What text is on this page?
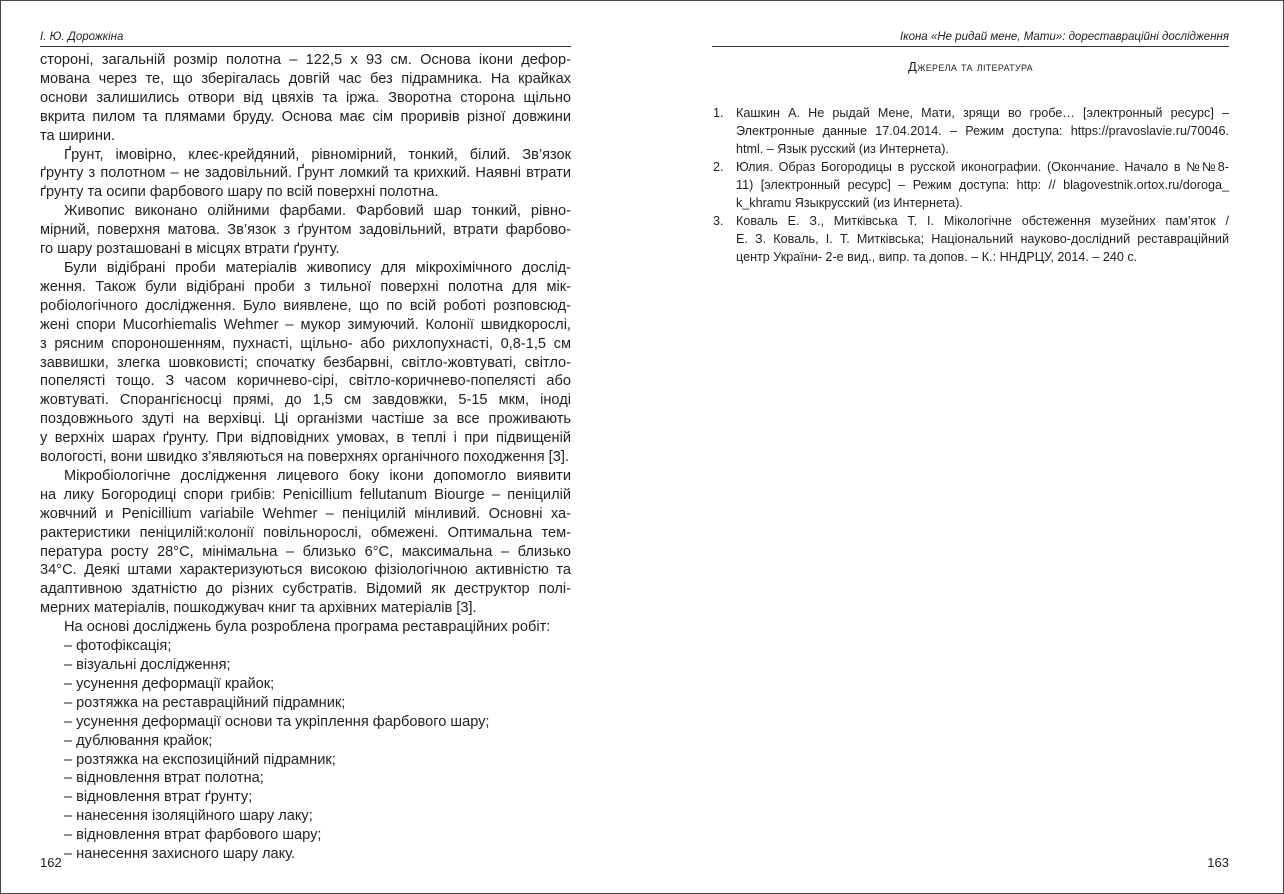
І. Ю. Дорожкіна
стороні, загальній розмір полотна – 122,5 х 93 см. Основа ікони дефор-
мована через те, що зберігалась довгій час без підрамника. На крайках
основи залишились отвори від цвяхів та іржа. Зворотна сторона щільно
вкрита пилом та плямами бруду. Основа має сім проривів різної довжини
та ширини.
Ґрунт, імовірно, клеє-крейдяний, рівномірний, тонкий, білий. Зв’язок
ґрунту з полотном – не задовільний. Ґрунт ломкий та крихкий. Наявні втрати
ґрунту та осипи фарбового шару по всій поверхні полотна.
Живопис виконано олійними фарбами. Фарбовий шар тонкий, рівно-
мірний, поверхня матова. Зв’язок з ґрунтом задовільний, втрати фарбово-
го шару розташовані в місцях втрати ґрунту.
Були відібрані проби матеріалів живопису для мікрохімічного дослід-
ження. Також були відібрані проби з тильної поверхні полотна для мік-
робіологічного дослідження. Було виявлене, що по всій роботі розповсюд-
жені спори Mucorhiemalis Wehmer – мукор зимуючий. Колонії швидкорослі,
з рясним спороношенням, пухнасті, щільно- або рихлопухнасті, 0,8-1,5 см
заввишки, злегка шовковисті; спочатку безбарвні, світло-жовтуваті, світло-
попелясті тощо. З часом коричнево-сірі, світло-коричнево-попелясті або
жовтуваті. Спорангієносці прямі, до 1,5 см завдовжки, 5-15 мкм, іноді
поздовжнього здуті на верхівці. Ці організми частіше за все проживають
у верхніх шарах ґрунту. При відповідних умовах, в теплі і при підвищеній
вологості, вони швидко з’являються на поверхнях органічного походження [3].
Мікробіологічне дослідження лицевого боку ікони допомогло виявити
на лику Богородиці спори грибів: Penicillium fellutanum Biourge – пеніцилій
жовчний и Penicillium variabile Wehmer – пеніцилій мінливий. Основні ха-
рактеристики пеніцилій:колонії повільнорослі, обмежені. Оптимальна тем-
пература росту 28°С, мінімальна – близько 6°С, максимальна – близько
34°С. Деякі штами характеризуються високою фізіологічною активністю та
адаптивною здатністю до різних субстратів. Відомий як деструктор полі-
мерних матеріалів, пошкоджувач книг та архівних матеріалів [3].
На основі досліджень була розроблена програма реставраційних робіт:
– фотофіксація;
– візуальні дослідження;
– усунення деформації крайок;
– розтяжка на реставраційний підрамник;
– усунення деформації основи та укріплення фарбового шару;
– дублювання крайок;
– розтяжка на експозиційний підрамник;
– відновлення втрат полотна;
– відновлення втрат ґрунту;
– нанесення ізоляційного шару лаку;
– відновлення втрат фарбового шару;
– нанесення захисного шару лаку.
162
Ікона «Не ридай мене, Мати»: дореставраційні дослідження
Джерела та література
1. Кашкин А. Не рыдай Мене, Мати, зрящи во гробе… [электронный ресурс] –
Электронные данные 17.04.2014. – Режим доступа: https://pravoslavie.ru/70046.
html. – Язык русский (из Интернета).
2. Юлия. Образ Богородицы в русской иконографии. (Окончание. Начало в №№8-
11) [электронный ресурс] – Режим доступа: http: // blagovestnik.ortox.ru/doroga_
k_khramu Языкрусский (из Интернета).
3. Коваль Е. З., Митківська Т. І. Мікологічне обстеження музейних пам’яток /
Е. З. Коваль, І. Т. Митківська; Національний науково-дослідний реставраційний
центр України- 2-е вид., випр. та допов. – К.: ННДРЦУ, 2014. – 240 с.
163
